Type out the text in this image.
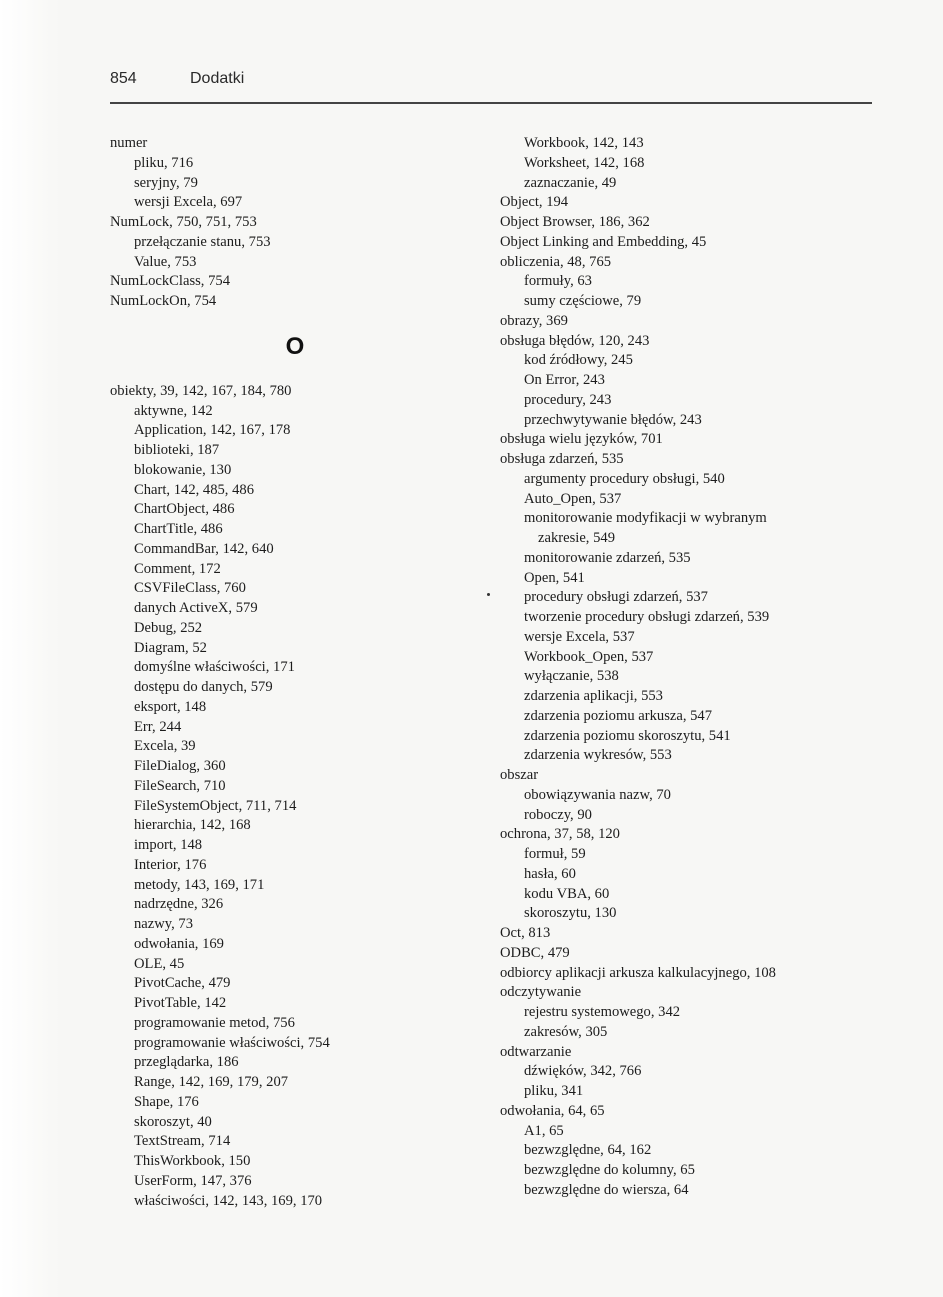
854	Dodatki
numer
pliku, 716
seryjny, 79
wersji Excela, 697
NumLock, 750, 751, 753
przełączanie stanu, 753
Value, 753
NumLockClass, 754
NumLockOn, 754
O
obiekty, 39, 142, 167, 184, 780
aktywne, 142
Application, 142, 167, 178
biblioteki, 187
blokowanie, 130
Chart, 142, 485, 486
ChartObject, 486
ChartTitle, 486
CommandBar, 142, 640
Comment, 172
CSVFileClass, 760
danych ActiveX, 579
Debug, 252
Diagram, 52
domyślne właściwości, 171
dostępu do danych, 579
eksport, 148
Err, 244
Excela, 39
FileDialog, 360
FileSearch, 710
FileSystemObject, 711, 714
hierarchia, 142, 168
import, 148
Interior, 176
metody, 143, 169, 171
nadrzędne, 326
nazwy, 73
odwołania, 169
OLE, 45
PivotCache, 479
PivotTable, 142
programowanie metod, 756
programowanie właściwości, 754
przeglądarka, 186
Range, 142, 169, 179, 207
Shape, 176
skoroszyt, 40
TextStream, 714
ThisWorkbook, 150
UserForm, 147, 376
właściwości, 142, 143, 169, 170
Workbook, 142, 143
Worksheet, 142, 168
zaznaczanie, 49
Object, 194
Object Browser, 186, 362
Object Linking and Embedding, 45
obliczenia, 48, 765
formuły, 63
sumy częściowe, 79
obrazy, 369
obsługa błędów, 120, 243
kod źródłowy, 245
On Error, 243
procedury, 243
przechwytywanie błędów, 243
obsługa wielu języków, 701
obsługa zdarzeń, 535
argumenty procedury obsługi, 540
Auto_Open, 537
monitorowanie modyfikacji w wybranym
zakresie, 549
monitorowanie zdarzeń, 535
Open, 541
procedury obsługi zdarzeń, 537
tworzenie procedury obsługi zdarzeń, 539
wersje Excela, 537
Workbook_Open, 537
wyłączanie, 538
zdarzenia aplikacji, 553
zdarzenia poziomu arkusza, 547
zdarzenia poziomu skoroszytu, 541
zdarzenia wykresów, 553
obszar
obowiązywania nazw, 70
roboczy, 90
ochrona, 37, 58, 120
formuł, 59
hasła, 60
kodu VBA, 60
skoroszytu, 130
Oct, 813
ODBC, 479
odbiorcy aplikacji arkusza kalkulacyjnego, 108
odczytywanie
rejestru systemowego, 342
zakresów, 305
odtwarzanie
dźwięków, 342, 766
pliku, 341
odwołania, 64, 65
A1, 65
bezwzględne, 64, 162
bezwzględne do kolumny, 65
bezwzględne do wiersza, 64
